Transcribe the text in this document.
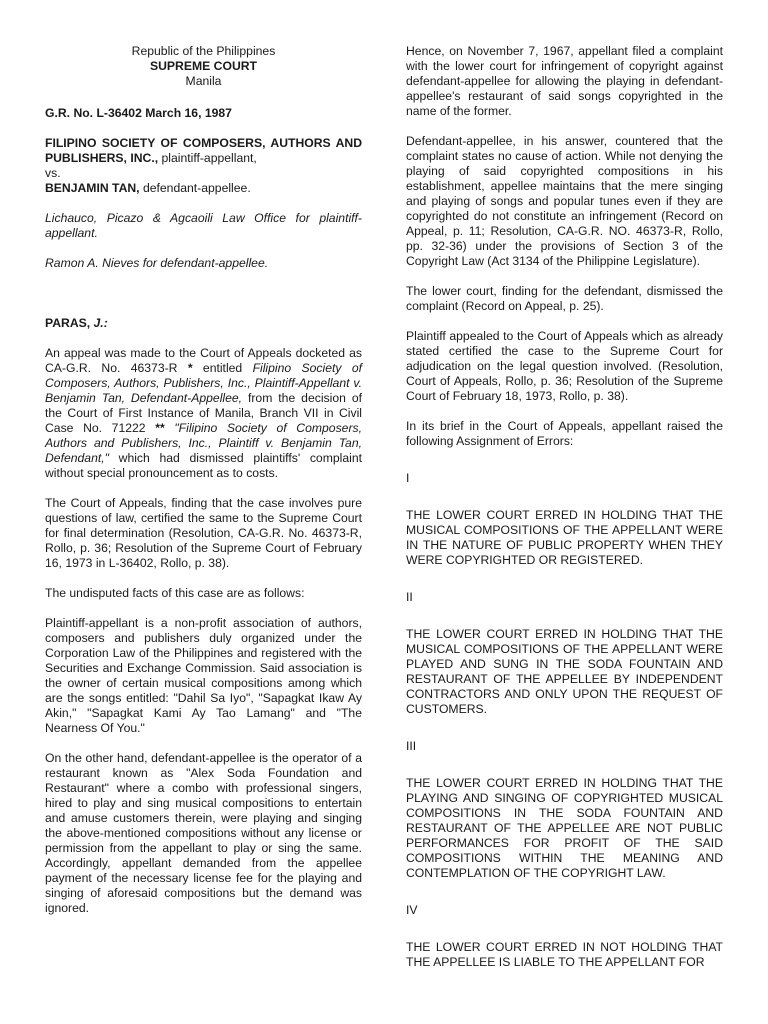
Republic of the Philippines

SUPREME COURT

Manila

G.R. No. L-36402 March 16, 1987

FILIPINO SOCIETY OF COMPOSERS, AUTHORS AND PUBLISHERS, INC., plaintiff-appellant,
vs.
BENJAMIN TAN, defendant-appellee.

Lichauco, Picazo & Agcaoili Law Office for plaintiff-appellant.

Ramon A. Nieves for defendant-appellee.

PARAS, J.:

An appeal was made to the Court of Appeals docketed as CA-G.R. No. 46373-R * entitled Filipino Society of Composers, Authors, Publishers, Inc., Plaintiff-Appellant v. Benjamin Tan, Defendant-Appellee, from the decision of the Court of First Instance of Manila, Branch VII in Civil Case No. 71222 ** "Filipino Society of Composers, Authors and Publishers, Inc., Plaintiff v. Benjamin Tan, Defendant," which had dismissed plaintiffs' complaint without special pronouncement as to costs.

The Court of Appeals, finding that the case involves pure questions of law, certified the same to the Supreme Court for final determination (Resolution, CA-G.R. No. 46373-R, Rollo, p. 36; Resolution of the Supreme Court of February 16, 1973 in L-36402, Rollo, p. 38).

The undisputed facts of this case are as follows:

Plaintiff-appellant is a non-profit association of authors, composers and publishers duly organized under the Corporation Law of the Philippines and registered with the Securities and Exchange Commission. Said association is the owner of certain musical compositions among which are the songs entitled: "Dahil Sa Iyo", "Sapagkat Ikaw Ay Akin," "Sapagkat Kami Ay Tao Lamang" and "The Nearness Of You."

On the other hand, defendant-appellee is the operator of a restaurant known as "Alex Soda Foundation and Restaurant" where a combo with professional singers, hired to play and sing musical compositions to entertain and amuse customers therein, were playing and singing the above-mentioned compositions without any license or permission from the appellant to play or sing the same. Accordingly, appellant demanded from the appellee payment of the necessary license fee for the playing and singing of aforesaid compositions but the demand was ignored.

Hence, on November 7, 1967, appellant filed a complaint with the lower court for infringement of copyright against defendant-appellee for allowing the playing in defendant-appellee's restaurant of said songs copyrighted in the name of the former.

Defendant-appellee, in his answer, countered that the complaint states no cause of action. While not denying the playing of said copyrighted compositions in his establishment, appellee maintains that the mere singing and playing of songs and popular tunes even if they are copyrighted do not constitute an infringement (Record on Appeal, p. 11; Resolution, CA-G.R. NO. 46373-R, Rollo, pp. 32-36) under the provisions of Section 3 of the Copyright Law (Act 3134 of the Philippine Legislature).

The lower court, finding for the defendant, dismissed the complaint (Record on Appeal, p. 25).

Plaintiff appealed to the Court of Appeals which as already stated certified the case to the Supreme Court for adjudication on the legal question involved. (Resolution, Court of Appeals, Rollo, p. 36; Resolution of the Supreme Court of February 18, 1973, Rollo, p. 38).

In its brief in the Court of Appeals, appellant raised the following Assignment of Errors:

I

THE LOWER COURT ERRED IN HOLDING THAT THE MUSICAL COMPOSITIONS OF THE APPELLANT WERE IN THE NATURE OF PUBLIC PROPERTY WHEN THEY WERE COPYRIGHTED OR REGISTERED.

II

THE LOWER COURT ERRED IN HOLDING THAT THE MUSICAL COMPOSITIONS OF THE APPELLANT WERE PLAYED AND SUNG IN THE SODA FOUNTAIN AND RESTAURANT OF THE APPELLEE BY INDEPENDENT CONTRACTORS AND ONLY UPON THE REQUEST OF CUSTOMERS.

III

THE LOWER COURT ERRED IN HOLDING THAT THE PLAYING AND SINGING OF COPYRIGHTED MUSICAL COMPOSITIONS IN THE SODA FOUNTAIN AND RESTAURANT OF THE APPELLEE ARE NOT PUBLIC PERFORMANCES FOR PROFIT OF THE SAID COMPOSITIONS WITHIN THE MEANING AND CONTEMPLATION OF THE COPYRIGHT LAW.

IV

THE LOWER COURT ERRED IN NOT HOLDING THAT THE APPELLEE IS LIABLE TO THE APPELLANT FOR
